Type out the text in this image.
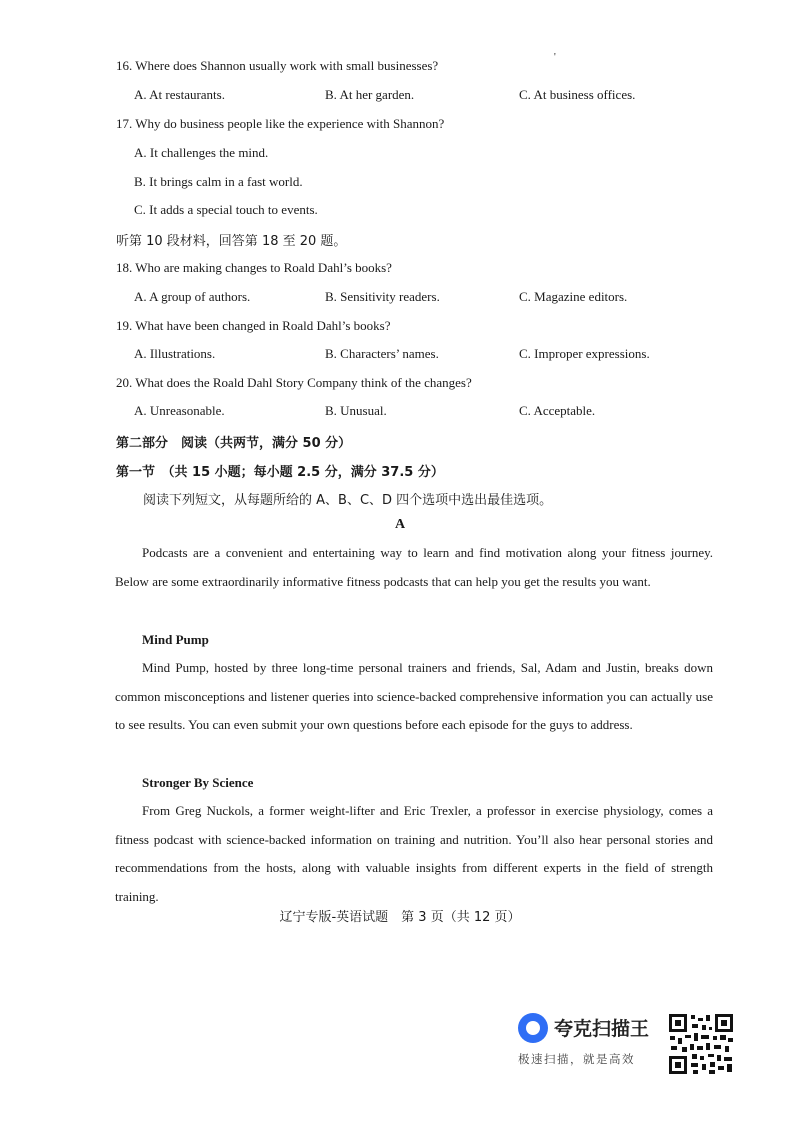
'
16. Where does Shannon usually work with small businesses?
A. At restaurants.	B. At her garden.	C. At business offices.
17. Why do business people like the experience with Shannon?
A. It challenges the mind.
B. It brings calm in a fast world.
C. It adds a special touch to events.
听第 10 段材料，回答第 18 至 20 题。
18. Who are making changes to Roald Dahl’s books?
A. A group of authors.	B. Sensitivity readers.	C. Magazine editors.
19. What have been changed in Roald Dahl’s books?
A. Illustrations.	B. Characters’ names.	C. Improper expressions.
20. What does the Roald Dahl Story Company think of the changes?
A. Unreasonable.	B. Unusual.	C. Acceptable.
第二部分　阅读（共两节，满分 50 分）
第一节　（共 15 小题；每小题 2.5 分，满分 37.5 分）
阅读下列短文，从每题所给的 A、B、C、D 四个选项中选出最佳选项。
A
Podcasts are a convenient and entertaining way to learn and find motivation along your fitness journey. Below are some extraordinarily informative fitness podcasts that can help you get the results you want.
Mind Pump
Mind Pump, hosted by three long-time personal trainers and friends, Sal, Adam and Justin, breaks down common misconceptions and listener queries into science-backed comprehensive information you can actually use to see results. You can even submit your own questions before each episode for the guys to address.
Stronger By Science
From Greg Nuckols, a former weight-lifter and Eric Trexler, a professor in exercise physiology, comes a fitness podcast with science-backed information on training and nutrition. You’ll also hear personal stories and recommendations from the hosts, along with valuable insights from different experts in the field of strength training.
辽宁专版-英语试题　第 3 页（共 12 页）
夸克扫描王
极速扫描，就是高效
